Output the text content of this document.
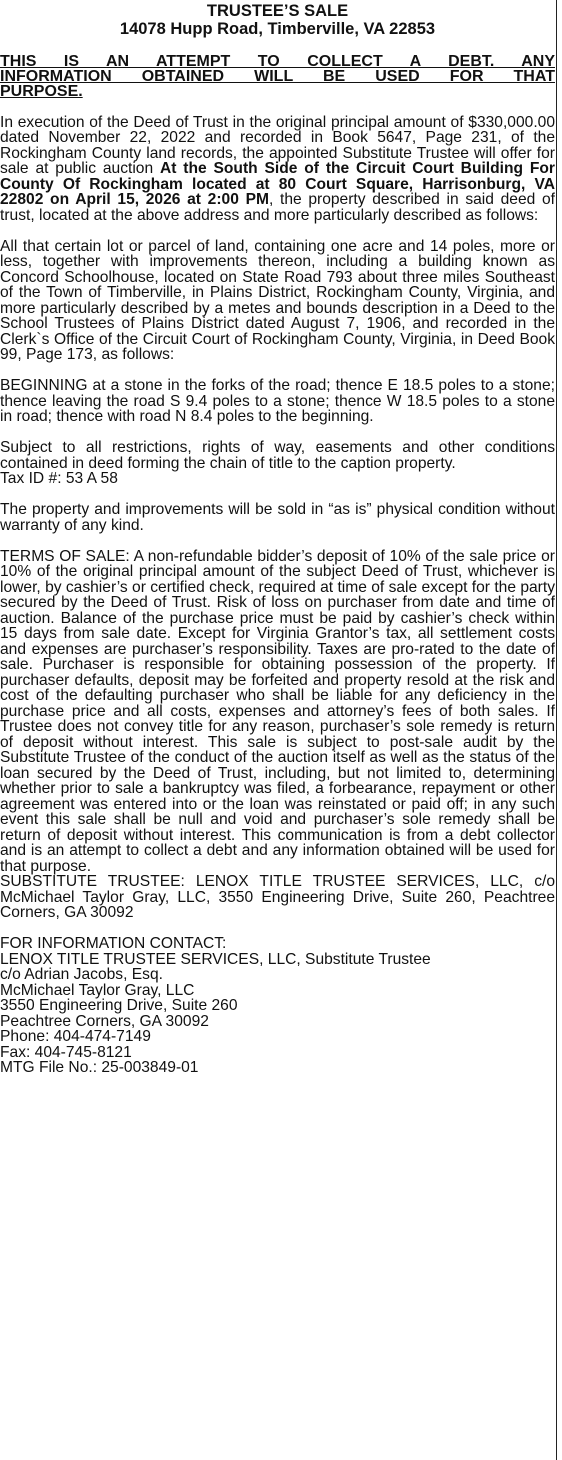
TRUSTEE’S SALE
14078 Hupp Road, Timberville, VA 22853
THIS IS AN ATTEMPT TO COLLECT A DEBT. ANY
INFORMATION OBTAINED WILL BE USED FOR THAT
PURPOSE.

In execution of the Deed of Trust in the original principal amount of $330,000.00 dated November 22, 2022 and recorded in Book 5647, Page 231, of the Rockingham County land records, the appointed Substitute Trustee will offer for sale at public auction At the South Side of the Circuit Court Building For County Of Rockingham located at 80 Court Square, Harrisonburg, VA 22802 on April 15, 2026 at 2:00 PM, the property described in said deed of trust, located at the above address and more particularly described as follows:

All that certain lot or parcel of land, containing one acre and 14 poles, more or less, together with improvements thereon, including a building known as Concord Schoolhouse, located on State Road 793 about three miles Southeast of the Town of Timberville, in Plains District, Rockingham County, Virginia, and more particularly described by a metes and bounds description in a Deed to the School Trustees of Plains District dated August 7, 1906, and recorded in the Clerk`s Office of the Circuit Court of Rockingham County, Virginia, in Deed Book 99, Page 173, as follows:

BEGINNING at a stone in the forks of the road; thence E 18.5 poles to a stone; thence leaving the road S 9.4 poles to a stone; thence W 18.5 poles to a stone in road; thence with road N 8.4 poles to the beginning.

Subject to all restrictions, rights of way, easements and other conditions contained in deed forming the chain of title to the caption property.

Tax ID #: 53 A 58

The property and improvements will be sold in “as is” physical condition without warranty of any kind.

TERMS OF SALE: A non-refundable bidder’s deposit of 10% of the sale price or 10% of the original principal amount of the subject Deed of Trust, whichever is lower, by cashier’s or certified check, required at time of sale except for the party secured by the Deed of Trust. Risk of loss on purchaser from date and time of auction. Balance of the purchase price must be paid by cashier’s check within 15 days from sale date. Except for Virginia Grantor’s tax, all settlement costs and expenses are purchaser’s responsibility. Taxes are pro-rated to the date of sale. Purchaser is responsible for obtaining possession of the property. If purchaser defaults, deposit may be forfeited and property resold at the risk and cost of the defaulting purchaser who shall be liable for any deficiency in the purchase price and all costs, expenses and attorney’s fees of both sales. If Trustee does not convey title for any reason, purchaser’s sole remedy is return of deposit without interest. This sale is subject to post-sale audit by the Substitute Trustee of the conduct of the auction itself as well as the status of the loan secured by the Deed of Trust, including, but not limited to, determining whether prior to sale a bankruptcy was filed, a forbearance, repayment or other agreement was entered into or the loan was reinstated or paid off; in any such event this sale shall be null and void and purchaser’s sole remedy shall be return of deposit without interest. This communication is from a debt collector and is an attempt to collect a debt and any information obtained will be used for that purpose.

SUBSTITUTE TRUSTEE: LENOX TITLE TRUSTEE SERVICES, LLC, c/o McMichael Taylor Gray, LLC, 3550 Engineering Drive, Suite 260, Peachtree Corners, GA 30092

FOR INFORMATION CONTACT:
LENOX TITLE TRUSTEE SERVICES, LLC, Substitute Trustee
c/o Adrian Jacobs, Esq.
McMichael Taylor Gray, LLC
3550 Engineering Drive, Suite 260
Peachtree Corners, GA 30092
Phone: 404-474-7149
Fax: 404-745-8121
MTG File No.: 25-003849-01
